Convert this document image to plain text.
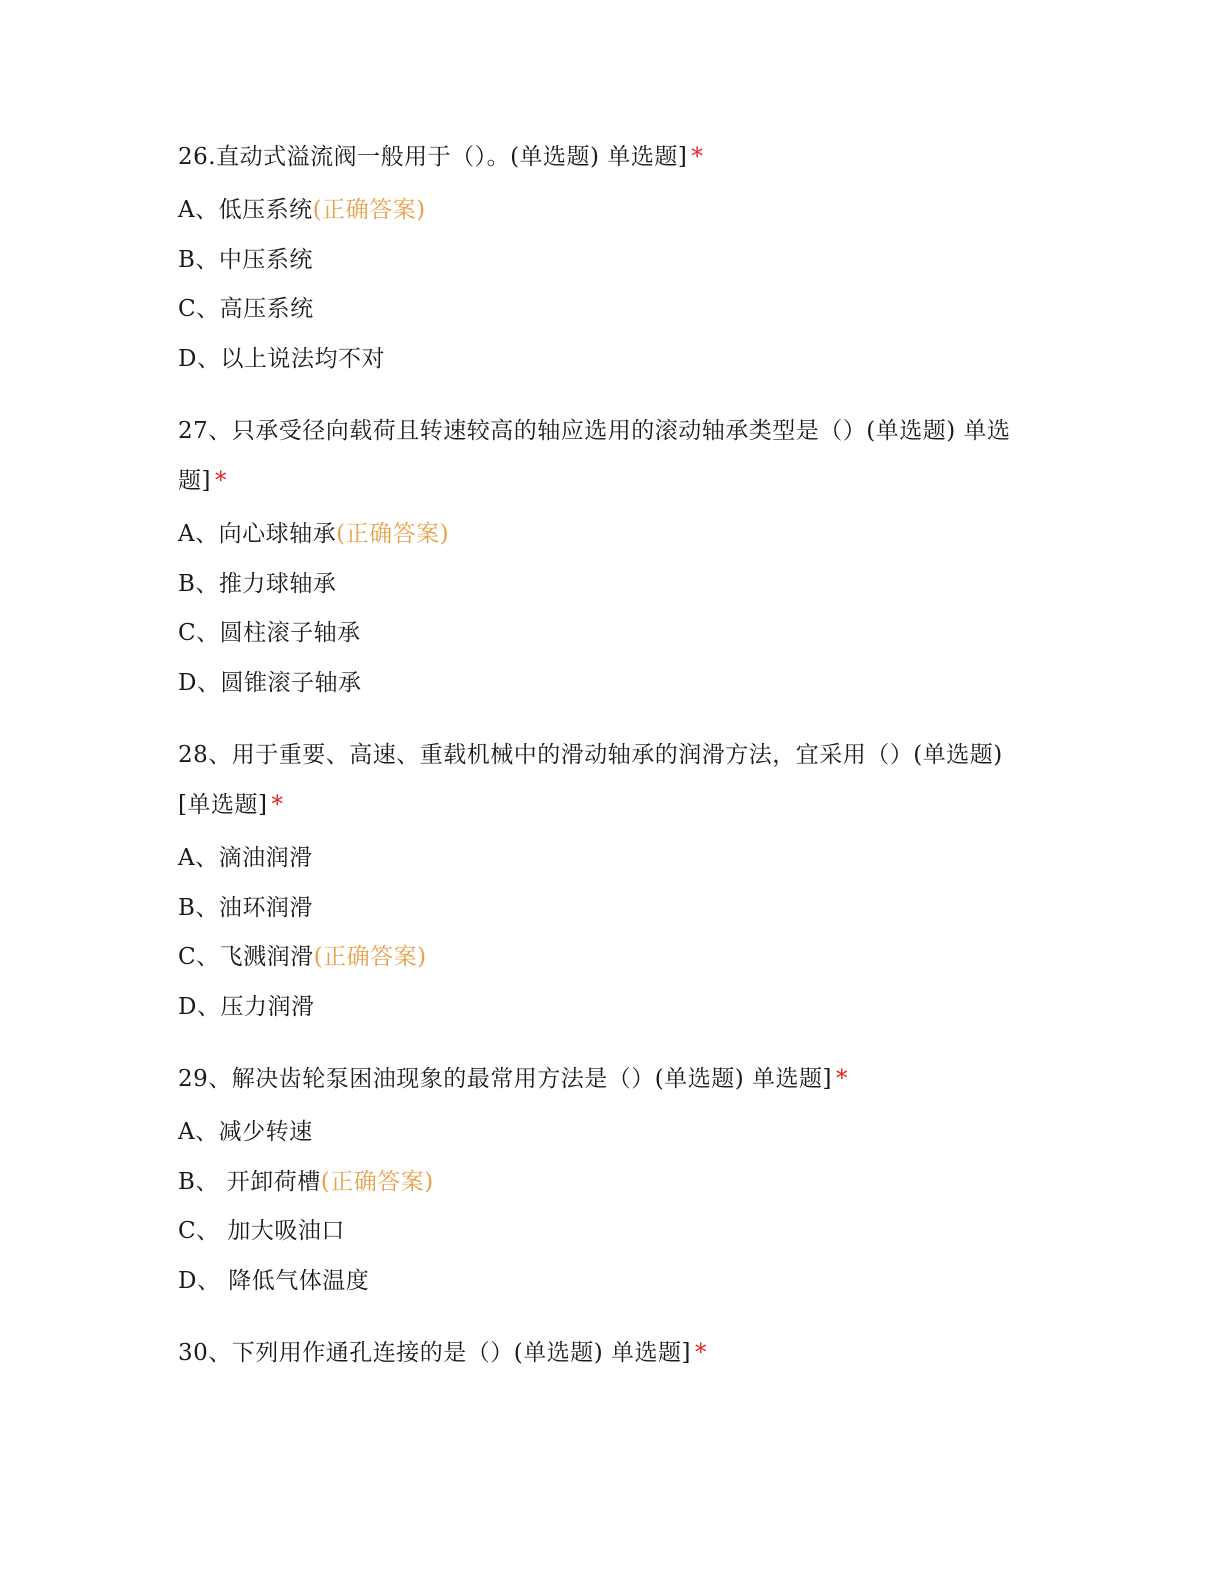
26.直动式溢流阀一般用于（）。(单选题) 单选题] *

A、低压系统(正确答案)

B、中压系统

C、高压系统

D、以上说法均不对

27、只承受径向载荷且转速较高的轴应选用的滚动轴承类型是（）(单选题) 单选题] *

A、向心球轴承(正确答案)

B、推力球轴承

C、圆柱滚子轴承

D、圆锥滚子轴承

28、用于重要、高速、重载机械中的滑动轴承的润滑方法，宜采用（）(单选题) [单选题] *

A、滴油润滑

B、油环润滑

C、飞溅润滑(正确答案)

D、压力润滑

29、解决齿轮泵困油现象的最常用方法是（）(单选题) 单选题] *

A、减少转速

B、 开卸荷槽(正确答案)

C、 加大吸油口

D、 降低气体温度

30、下列用作通孔连接的是（）(单选题) 单选题] *
